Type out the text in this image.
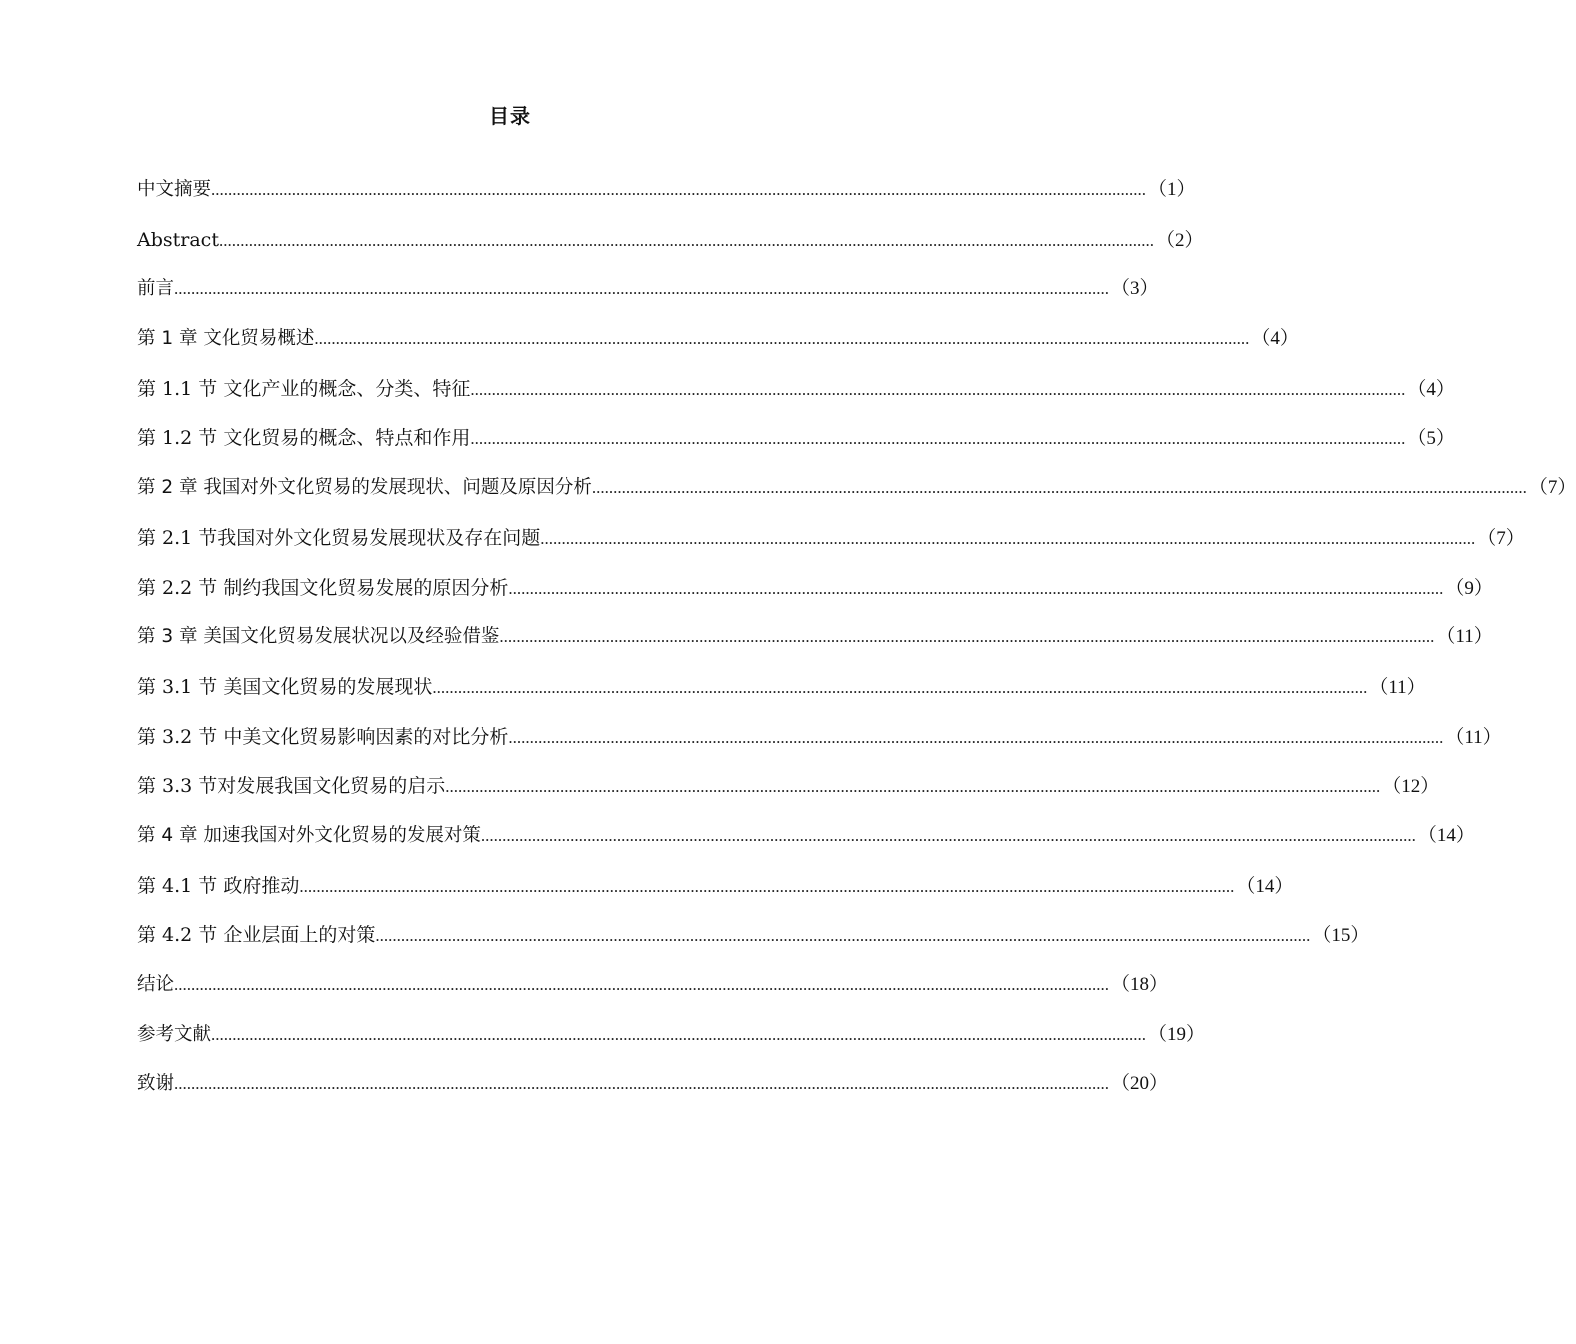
目录
中文摘要 ............................................................................................................................................................................................................................ （1）
Abstract ............................................................................................................................................................................................................................ （2）
前言 ............................................................................................................................................................................................................................ （3）
第 1 章 文化贸易概述 ............................................................................................................................................................................................................................ （4）
第 1.1 节 文化产业的概念、分类、特征 ............................................................................................................................................................................................................................ （4）
第 1.2 节 文化贸易的概念、特点和作用 ............................................................................................................................................................................................................................ （5）
第 2 章 我国对外文化贸易的发展现状、问题及原因分析 ............................................................................................................................................................................................................................ （7）
第 2.1 节我国对外文化贸易发展现状及存在问题 ............................................................................................................................................................................................................................ （7）
第 2.2 节 制约我国文化贸易发展的原因分析 ............................................................................................................................................................................................................................ （9）
第 3 章 美国文化贸易发展状况以及经验借鉴 ............................................................................................................................................................................................................................ （11）
第 3.1 节 美国文化贸易的发展现状 ............................................................................................................................................................................................................................ （11）
第 3.2 节 中美文化贸易影响因素的对比分析 ............................................................................................................................................................................................................................ （11）
第 3.3 节对发展我国文化贸易的启示 ............................................................................................................................................................................................................................ （12）
第 4 章 加速我国对外文化贸易的发展对策 ............................................................................................................................................................................................................................ （14）
第 4.1 节 政府推动 ............................................................................................................................................................................................................................ （14）
第 4.2 节 企业层面上的对策 ............................................................................................................................................................................................................................ （15）
结论 ............................................................................................................................................................................................................................ （18）
参考文献 ............................................................................................................................................................................................................................ （19）
致谢 ............................................................................................................................................................................................................................ （20）
